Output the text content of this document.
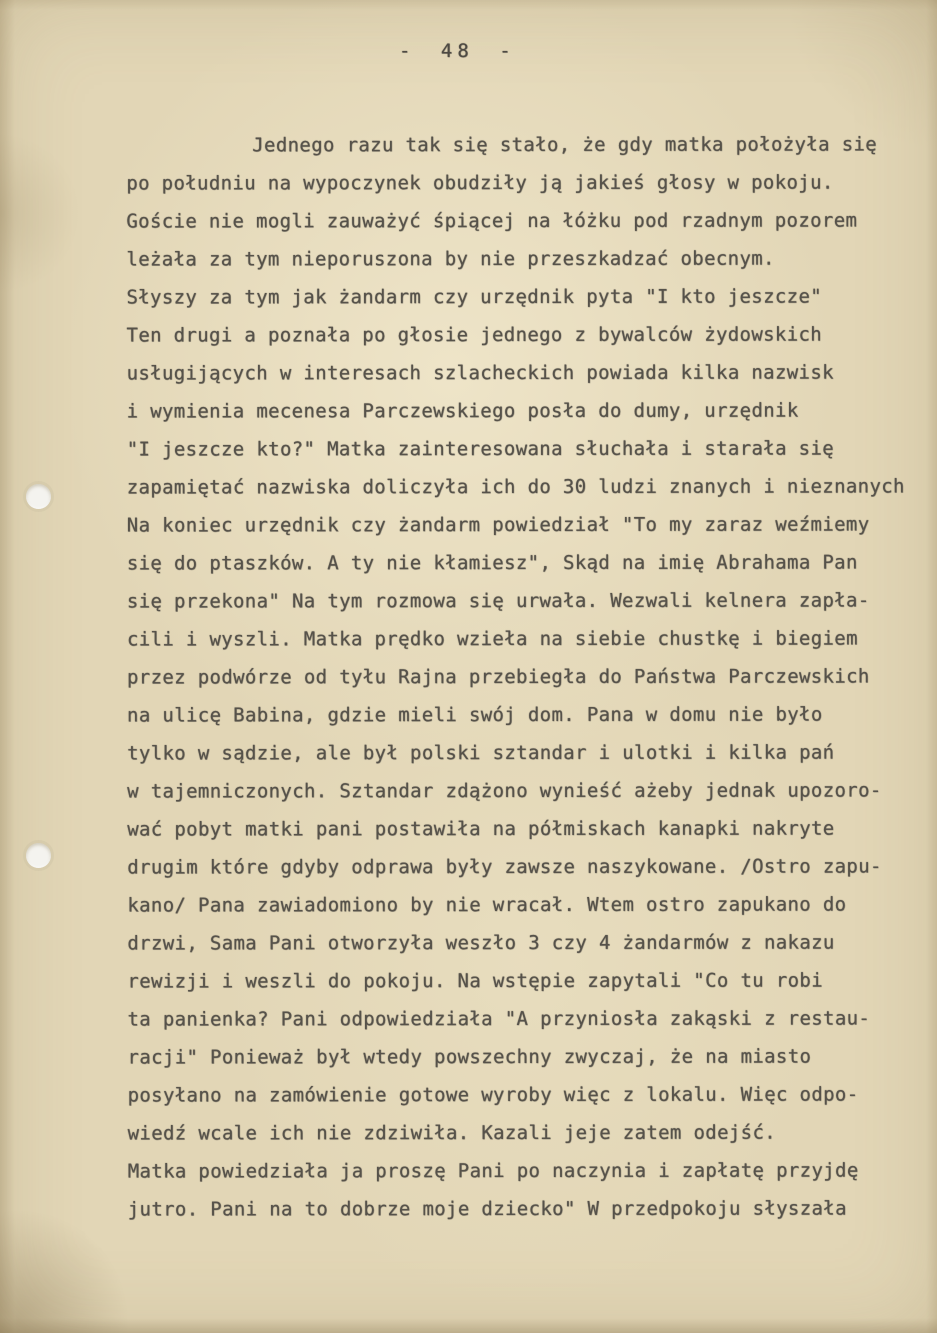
- 48 -
Jednego razu tak się stało, że gdy matka położyła się
po południu na wypoczynek obudziły ją jakieś głosy w pokoju.
Goście nie mogli zauważyć śpiącej na łóżku pod rzadnym pozorem
leżała za tym nieporuszona by nie przeszkadzać obecnym.
Słyszy za tym jak żandarm czy urzędnik pyta "I kto jeszcze"
Ten drugi a poznała po głosie jednego z bywalców żydowskich
usługijących w interesach szlacheckich powiada kilka nazwisk
i wymienia mecenesa Parczewskiego posła do dumy, urzędnik
"I jeszcze kto?" Matka zainteresowana słuchała i starała się
zapamiętać nazwiska doliczyła ich do 30 ludzi znanych i nieznanych
Na koniec urzędnik czy żandarm powiedział "To my zaraz weźmiemy
się do ptaszków. A ty nie kłamiesz", Skąd na imię Abrahama Pan
się przekona" Na tym rozmowa się urwała. Wezwali kelnera zapła-
cili i wyszli. Matka prędko wzieła na siebie chustkę i biegiem
przez podwórze od tyłu Rajna przebiegła do Państwa Parczewskich
na ulicę Babina, gdzie mieli swój dom. Pana w domu nie było
tylko w sądzie, ale był polski sztandar i ulotki i kilka pań
w tajemniczonych. Sztandar zdążono wynieść ażeby jednak upozoro-
wać pobyt matki pani postawiła na półmiskach kanapki nakryte
drugim które gdyby odprawa były zawsze naszykowane. /Ostro zapu-
kano/ Pana zawiadomiono by nie wracał. Wtem ostro zapukano do
drzwi, Sama Pani otworzyła weszło 3 czy 4 żandarmów z nakazu
rewizji i weszli do pokoju. Na wstępie zapytali "Co tu robi
ta panienka? Pani odpowiedziała "A przyniosła zakąski z restau-
racji" Ponieważ był wtedy powszechny zwyczaj, że na miasto
posyłano na zamówienie gotowe wyroby więc z lokalu. Więc odpo-
wiedź wcale ich nie zdziwiła. Kazali jeje zatem odejść.
Matka powiedziała ja proszę Pani po naczynia i zapłatę przyjdę
jutro. Pani na to dobrze moje dziecko" W przedpokoju słyszała
